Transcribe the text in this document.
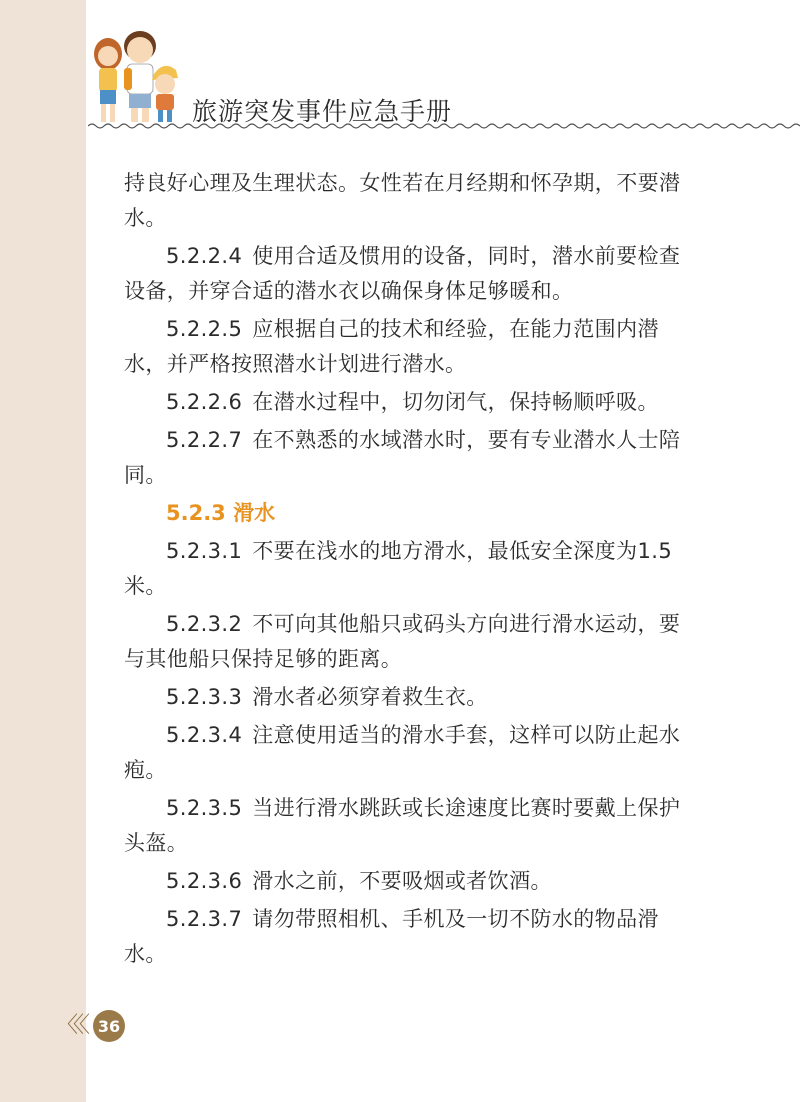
旅游突发事件应急手册

持良好心理及生理状态。女性若在月经期和怀孕期，不要潜水。

5.2.2.4 使用合适及惯用的设备，同时，潜水前要检查设备，并穿合适的潜水衣以确保身体足够暖和。

5.2.2.5 应根据自己的技术和经验，在能力范围内潜水，并严格按照潜水计划进行潜水。

5.2.2.6 在潜水过程中，切勿闭气，保持畅顺呼吸。

5.2.2.7 在不熟悉的水域潜水时，要有专业潜水人士陪同。

5.2.3 滑水

5.2.3.1 不要在浅水的地方滑水，最低安全深度为1.5米。

5.2.3.2 不可向其他船只或码头方向进行滑水运动，要与其他船只保持足够的距离。

5.2.3.3 滑水者必须穿着救生衣。

5.2.3.4 注意使用适当的滑水手套，这样可以防止起水疱。

5.2.3.5 当进行滑水跳跃或长途速度比赛时要戴上保护头盔。

5.2.3.6 滑水之前，不要吸烟或者饮酒。

5.2.3.7 请勿带照相机、手机及一切不防水的物品滑水。

〈〈〈 36
